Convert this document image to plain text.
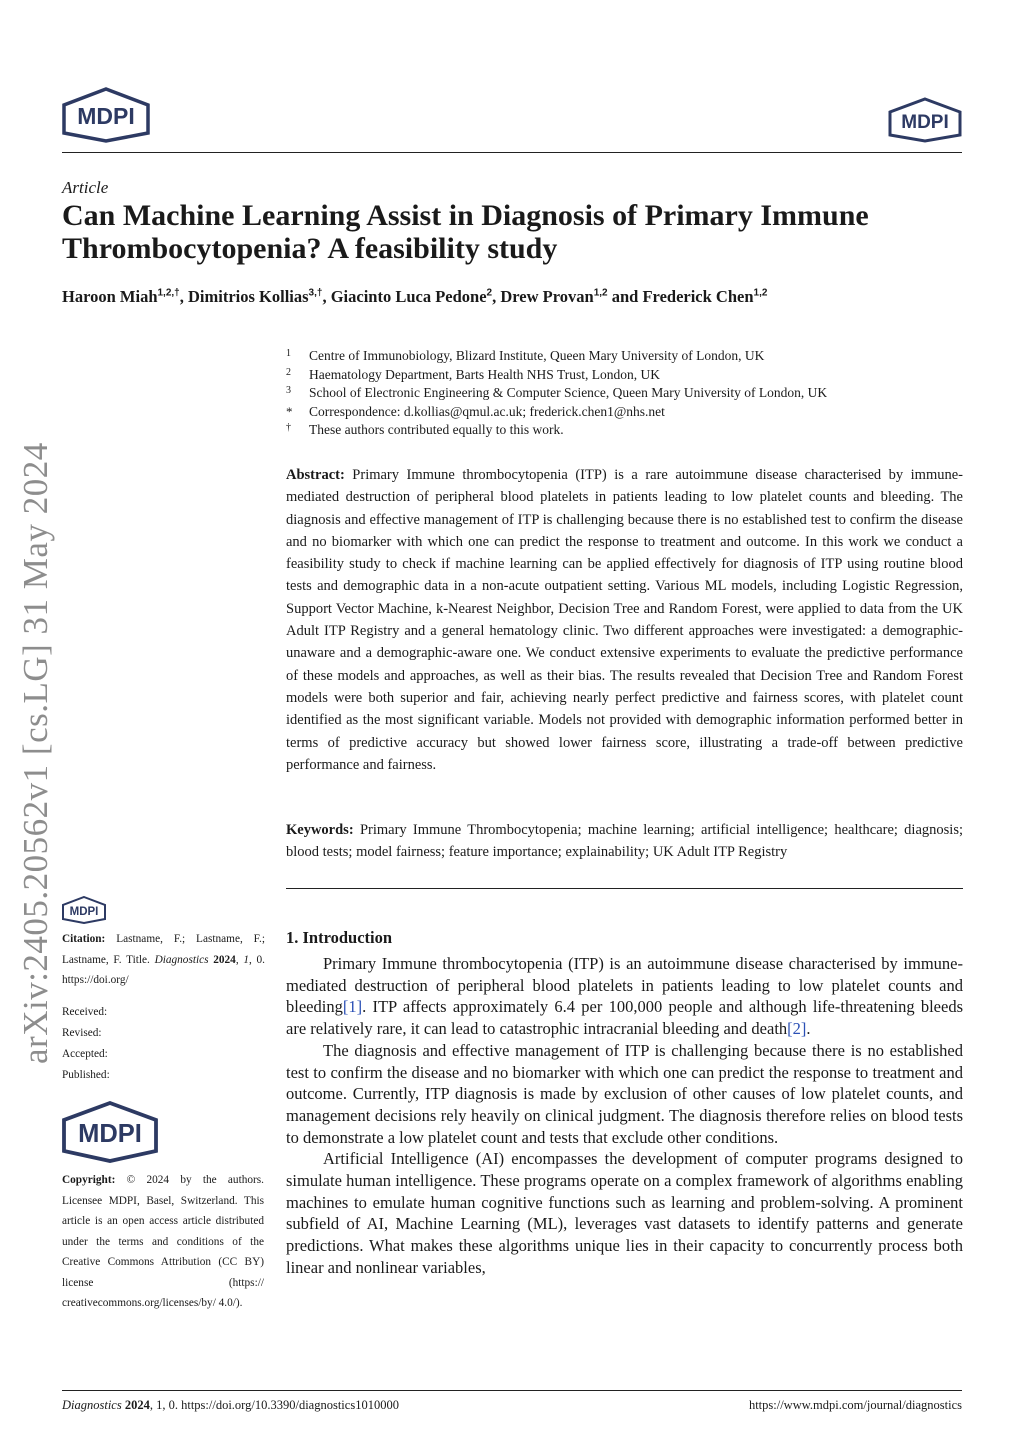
MDPI	MDPI
arXiv:2405.20562v1 [cs.LG] 31 May 2024
Article
Can Machine Learning Assist in Diagnosis of Primary Immune Thrombocytopenia? A feasibility study
Haroon Miah$^{1,2,\dagger}$, Dimitrios Kollias$^{3,\dagger}$, Giacinto Luca Pedone$^2$, Drew Provan$^{1,2}$ and Frederick Chen$^{1,2}$
1 Centre of Immunobiology, Blizard Institute, Queen Mary University of London, UK
2 Haematology Department, Barts Health NHS Trust, London, UK
3 School of Electronic Engineering & Computer Science, Queen Mary University of London, UK
* Correspondence: d.kollias@qmul.ac.uk; frederick.chen1@nhs.net
† These authors contributed equally to this work.
Abstract: Primary Immune thrombocytopenia (ITP) is a rare autoimmune disease characterised by immune-mediated destruction of peripheral blood platelets in patients leading to low platelet counts and bleeding. The diagnosis and effective management of ITP is challenging because there is no established test to confirm the disease and no biomarker with which one can predict the response to treatment and outcome. In this work we conduct a feasibility study to check if machine learning can be applied effectively for diagnosis of ITP using routine blood tests and demographic data in a non-acute outpatient setting. Various ML models, including Logistic Regression, Support Vector Machine, k-Nearest Neighbor, Decision Tree and Random Forest, were applied to data from the UK Adult ITP Registry and a general hematology clinic. Two different approaches were investigated: a demographic-unaware and a demographic-aware one. We conduct extensive experiments to evaluate the predictive performance of these models and approaches, as well as their bias. The results revealed that Decision Tree and Random Forest models were both superior and fair, achieving nearly perfect predictive and fairness scores, with platelet count identified as the most significant variable. Models not provided with demographic information performed better in terms of predictive accuracy but showed lower fairness score, illustrating a trade-off between predictive performance and fairness.
Keywords: Primary Immune Thrombocytopenia; machine learning; artificial intelligence; healthcare; diagnosis; blood tests; model fairness; feature importance; explainability; UK Adult ITP Registry
MDPI
Citation: Lastname, F.; Lastname, F.; Lastname, F. Title. Diagnostics 2024, 1, 0. https://doi.org/
Received:
Revised:
Accepted:
Published:
MDPI
Copyright: © 2024 by the authors. Licensee MDPI, Basel, Switzerland. This article is an open access article distributed under the terms and conditions of the Creative Commons Attribution (CC BY) license (https:// creativecommons.org/licenses/by/ 4.0/).
1. Introduction

Primary Immune thrombocytopenia (ITP) is an autoimmune disease characterised by immune-mediated destruction of peripheral blood platelets in patients leading to low platelet counts and bleeding[1]. ITP affects approximately 6.4 per 100,000 people and although life-threatening bleeds are relatively rare, it can lead to catastrophic intracranial bleeding and death[2].

The diagnosis and effective management of ITP is challenging because there is no established test to confirm the disease and no biomarker with which one can predict the response to treatment and outcome. Currently, ITP diagnosis is made by exclusion of other causes of low platelet counts, and management decisions rely heavily on clinical judgment. The diagnosis therefore relies on blood tests to demonstrate a low platelet count and tests that exclude other conditions.

Artificial Intelligence (AI) encompasses the development of computer programs designed to simulate human intelligence. These programs operate on a complex framework of algorithms enabling machines to emulate human cognitive functions such as learning and problem-solving. A prominent subfield of AI, Machine Learning (ML), leverages vast datasets to identify patterns and generate predictions. What makes these algorithms unique lies in their capacity to concurrently process both linear and nonlinear variables,

Diagnostics 2024, 1, 0. https://doi.org/10.3390/diagnostics1010000	https://www.mdpi.com/journal/diagnostics
